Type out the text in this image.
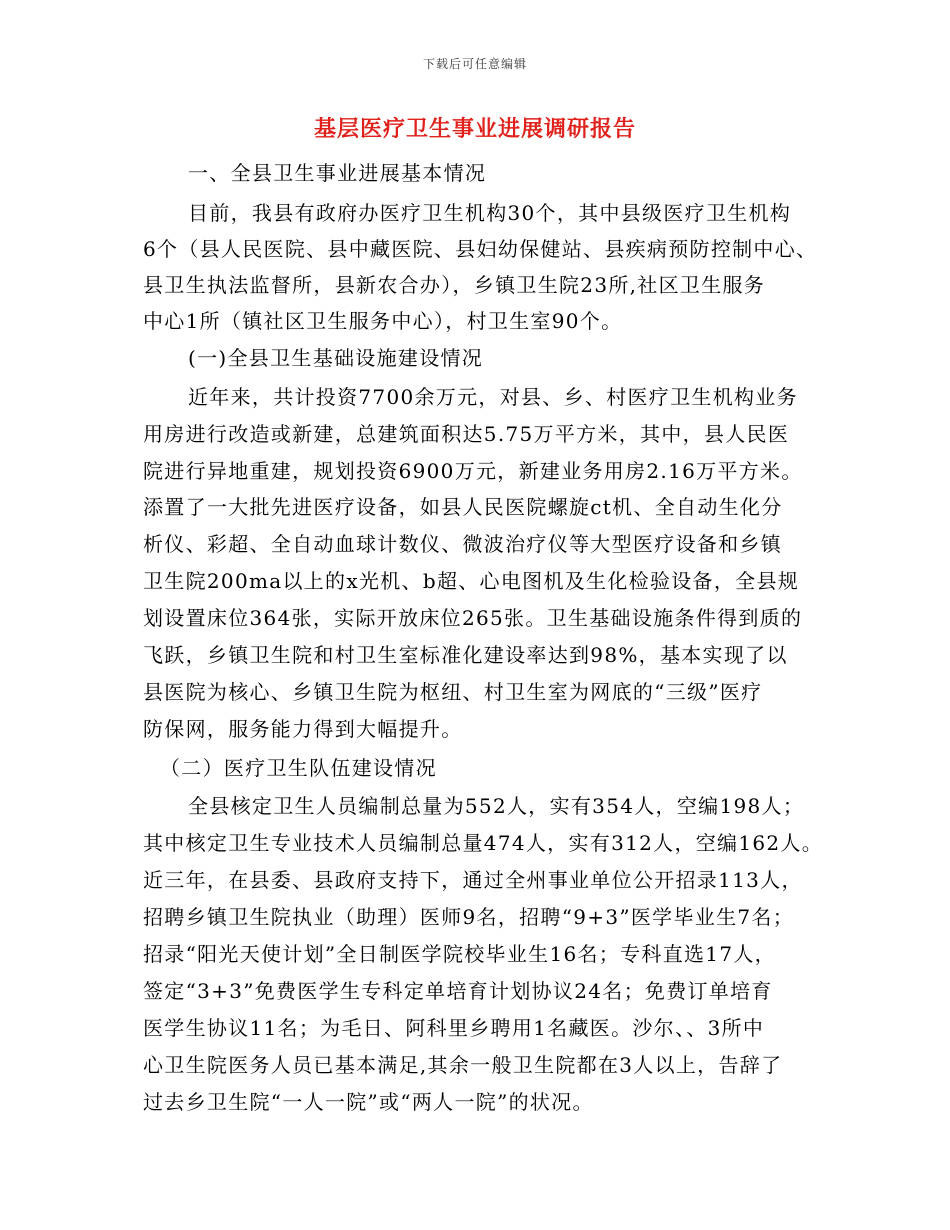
下载后可任意编辑
基层医疗卫生事业进展调研报告
一、全县卫生事业进展基本情况
目前，我县有政府办医疗卫生机构30个，其中县级医疗卫生机构
6个（县人民医院、县中藏医院、县妇幼保健站、县疾病预防控制中心、
县卫生执法监督所，县新农合办），乡镇卫生院23所,社区卫生服务
中心1所（镇社区卫生服务中心），村卫生室90个。
(一)全县卫生基础设施建设情况
近年来，共计投资7700余万元，对县、乡、村医疗卫生机构业务
用房进行改造或新建，总建筑面积达5.75万平方米，其中，县人民医
院进行异地重建，规划投资6900万元，新建业务用房2.16万平方米。
添置了一大批先进医疗设备，如县人民医院螺旋ct机、全自动生化分
析仪、彩超、全自动血球计数仪、微波治疗仪等大型医疗设备和乡镇
卫生院200ma以上的x光机、b超、心电图机及生化检验设备，全县规
划设置床位364张，实际开放床位265张。卫生基础设施条件得到质的
飞跃，乡镇卫生院和村卫生室标准化建设率达到98%，基本实现了以
县医院为核心、乡镇卫生院为枢纽、村卫生室为网底的“三级”医疗
防保网，服务能力得到大幅提升。
（二）医疗卫生队伍建设情况
全县核定卫生人员编制总量为552人，实有354人，空编198人；
其中核定卫生专业技术人员编制总量474人，实有312人，空编162人。
近三年，在县委、县政府支持下，通过全州事业单位公开招录113人，
招聘乡镇卫生院执业（助理）医师9名，招聘“9+3”医学毕业生7名；
招录“阳光天使计划”全日制医学院校毕业生16名；专科直选17人，
签定“3+3”免费医学生专科定单培育计划协议24名；免费订单培育
医学生协议11名；为毛日、阿科里乡聘用1名藏医。沙尔、、3所中
心卫生院医务人员已基本满足,其余一般卫生院都在3人以上，告辞了
过去乡卫生院“一人一院”或“两人一院”的状况。
